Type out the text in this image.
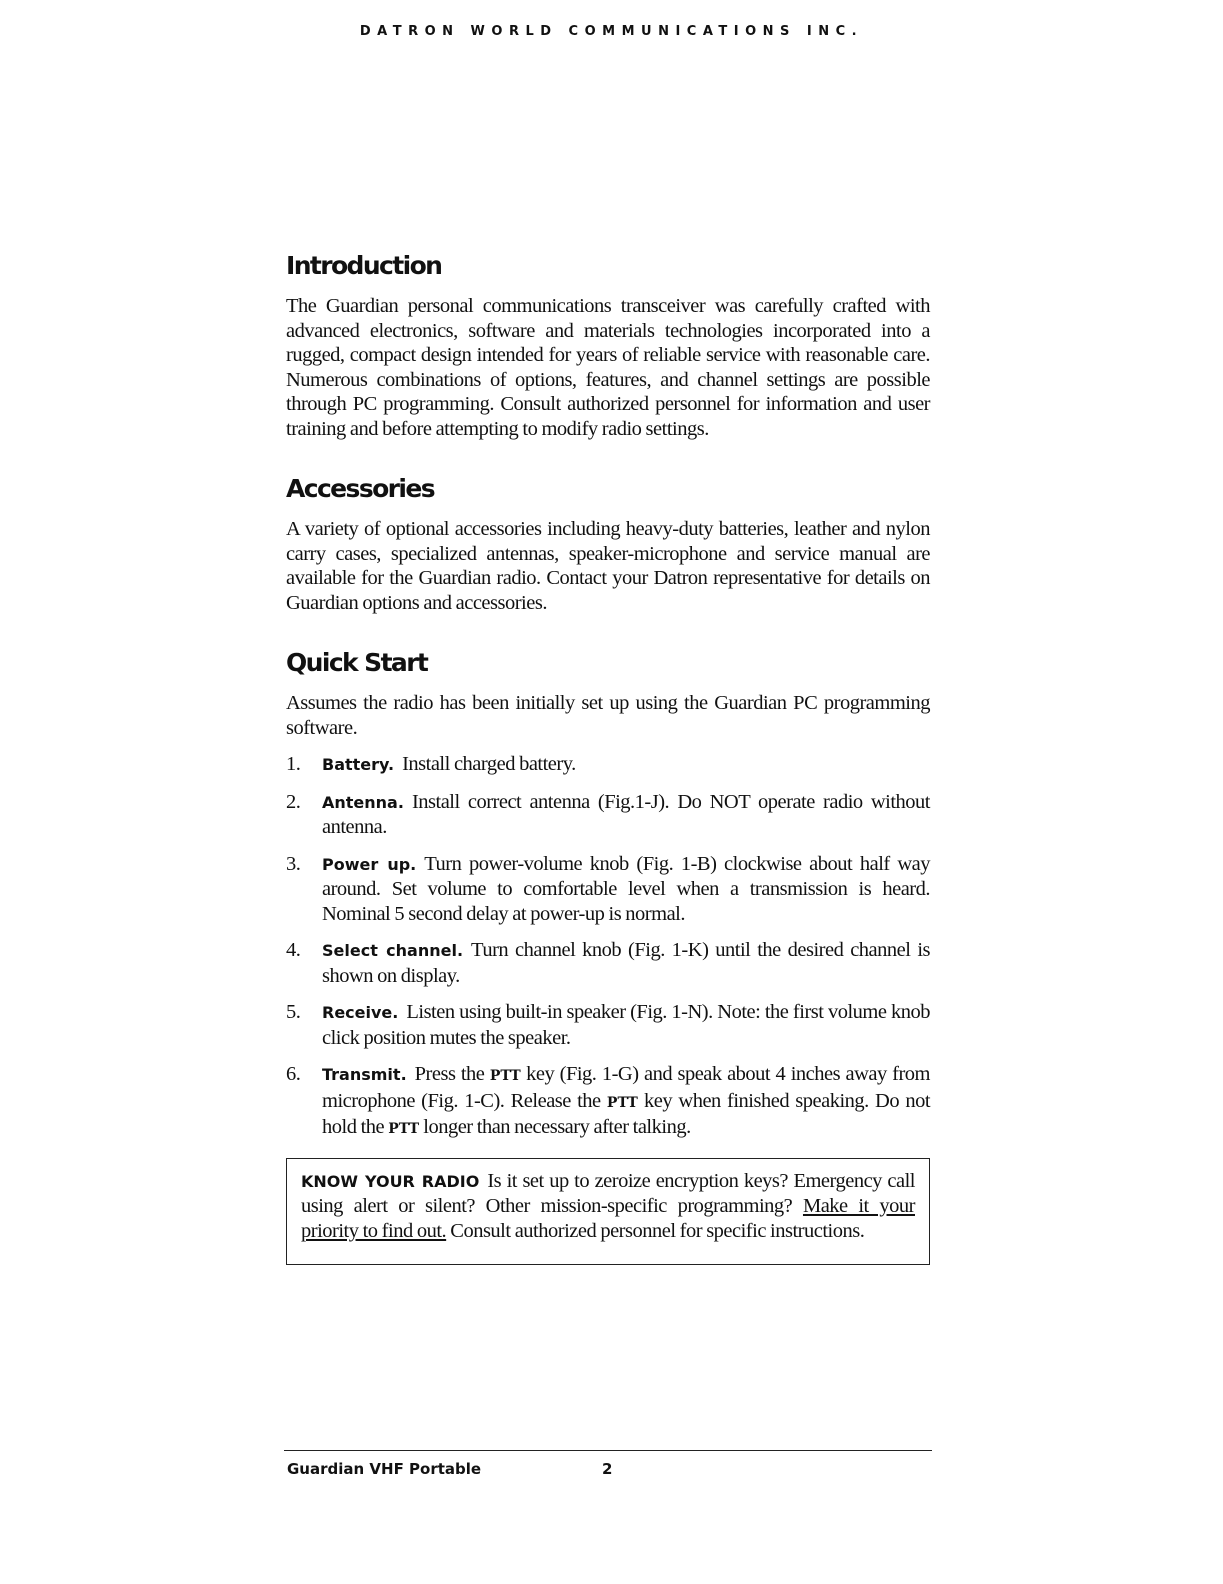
DATRON WORLD COMMUNICATIONS INC.
Introduction

The Guardian personal communications transceiver was carefully crafted with advanced electronics, software and materials technologies incorporated into a rugged, compact design intended for years of reliable service with reasonable care. Numerous combinations of options, features, and channel settings are possible through PC programming. Consult authorized personnel for information and user training and before attempting to modify radio settings.

Accessories

A variety of optional accessories including heavy-duty batteries, leather and nylon carry cases, specialized antennas, speaker-microphone and service manual are available for the Guardian radio. Contact your Datron representative for details on Guardian options and accessories.

Quick Start

Assumes the radio has been initially set up using the Guardian PC programming software.

1. Battery. Install charged battery.
2. Antenna. Install correct antenna (Fig.1-J). Do NOT operate radio without antenna.
3. Power up. Turn power-volume knob (Fig. 1-B) clockwise about half way around. Set volume to comfortable level when a transmission is heard. Nominal 5 second delay at power-up is normal.
4. Select channel. Turn channel knob (Fig. 1-K) until the desired channel is shown on display.
5. Receive. Listen using built-in speaker (Fig. 1-N). Note: the first volume knob click position mutes the speaker.
6. Transmit. Press the PTT key (Fig. 1-G) and speak about 4 inches away from microphone (Fig. 1-C). Release the PTT key when finished speaking. Do not hold the PTT longer than necessary after talking.
KNOW YOUR RADIO Is it set up to zeroize encryption keys? Emergency call using alert or silent? Other mission-specific programming? Make it your priority to find out. Consult authorized personnel for specific instructions.
Guardian VHF Portable	2
